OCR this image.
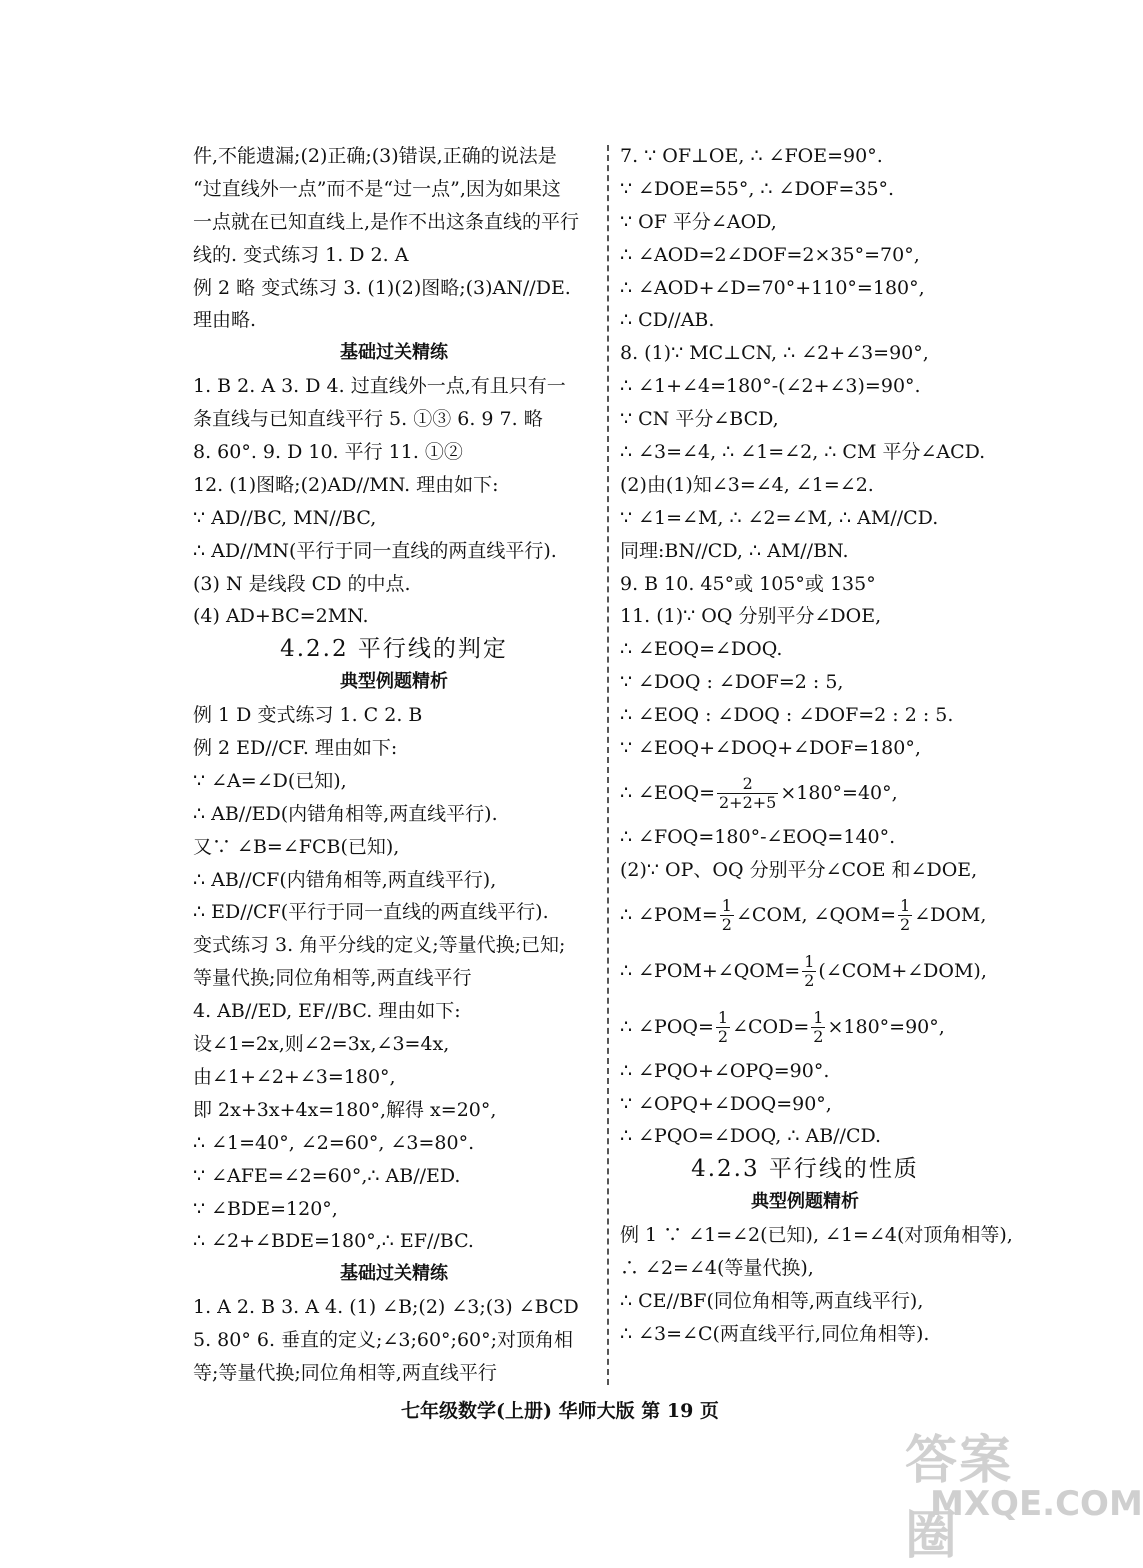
件,不能遗漏;(2)正确;(3)错误,正确的说法是
“过直线外一点”而不是“过一点”,因为如果这
一点就在已知直线上,是作不出这条直线的平行
线的. 变式练习 1. D 2. A
例 2 略 变式练习 3. (1)(2)图略;(3)AN//DE.
理由略.
基础过关精练
1. B 2. A 3. D 4. 过直线外一点,有且只有一
条直线与已知直线平行 5. ①③ 6. 9 7. 略
8. 60°. 9. D 10. 平行 11. ①②
12. (1)图略;(2)AD//MN. 理由如下:
∵ AD//BC, MN//BC,
∴ AD//MN(平行于同一直线的两直线平行).
(3) N 是线段 CD 的中点.
(4) AD+BC=2MN.
4.2.2 平行线的判定
典型例题精析
例 1 D 变式练习 1. C 2. B
例 2 ED//CF. 理由如下:
∵ ∠A=∠D(已知),
∴ AB//ED(内错角相等,两直线平行).
又∵ ∠B=∠FCB(已知),
∴ AB//CF(内错角相等,两直线平行),
∴ ED//CF(平行于同一直线的两直线平行).
变式练习 3. 角平分线的定义;等量代换;已知;
等量代换;同位角相等,两直线平行
4. AB//ED, EF//BC. 理由如下:
设∠1=2x,则∠2=3x,∠3=4x,
由∠1+∠2+∠3=180°,
即 2x+3x+4x=180°,解得 x=20°,
∴ ∠1=40°, ∠2=60°, ∠3=80°.
∵ ∠AFE=∠2=60°,∴ AB//ED.
∵ ∠BDE=120°,
∴ ∠2+∠BDE=180°,∴ EF//BC.
基础过关精练
1. A 2. B 3. A 4. (1) ∠B;(2) ∠3;(3) ∠BCD
5. 80° 6. 垂直的定义;∠3;60°;60°;对顶角相
等;等量代换;同位角相等,两直线平行
7. ∵ OF⊥OE, ∴ ∠FOE=90°.
∵ ∠DOE=55°, ∴ ∠DOF=35°.
∵ OF 平分∠AOD,
∴ ∠AOD=2∠DOF=2×35°=70°,
∴ ∠AOD+∠D=70°+110°=180°,
∴ CD//AB.
8. (1)∵ MC⊥CN, ∴ ∠2+∠3=90°,
∴ ∠1+∠4=180°-(∠2+∠3)=90°.
∵ CN 平分∠BCD,
∴ ∠3=∠4, ∴ ∠1=∠2, ∴ CM 平分∠ACD.
(2)由(1)知∠3=∠4, ∠1=∠2.
∵ ∠1=∠M, ∴ ∠2=∠M, ∴ AM//CD.
同理:BN//CD, ∴ AM//BN.
9. B 10. 45°或 105°或 135°
11. (1)∵ OQ 分别平分∠DOE,
∴ ∠EOQ=∠DOQ.
∵ ∠DOQ : ∠DOF=2 : 5,
∴ ∠EOQ : ∠DOQ : ∠DOF=2 : 2 : 5.
∵ ∠EOQ+∠DOQ+∠DOF=180°,
∴ ∠EOQ= $\frac{2}{2+2+5} \times 180^\circ=40^\circ$,
∴ ∠FOQ=180°-∠EOQ=140°.
(2)∵ OP、OQ 分别平分∠COE 和∠DOE,
∴ ∠POM= $\frac{1}{2}$ ∠COM, ∠QOM= $\frac{1}{2}$ ∠DOM,
∴ ∠POM+∠QOM= $\frac{1}{2}$ (∠COM+∠DOM),
∴ ∠POQ= $\frac{1}{2}$ ∠COD= $\frac{1}{2} \times 180^\circ=90^\circ$,
∴ ∠PQO+∠OPQ=90°.
∵ ∠OPQ+∠DOQ=90°,
∴ ∠PQO=∠DOQ, ∴ AB//CD.
4.2.3 平行线的性质
典型例题精析
例 1 ∵ ∠1=∠2(已知), ∠1=∠4(对顶角相等),
∴ ∠2=∠4(等量代换),
∴ CE//BF(同位角相等,两直线平行),
∴ ∠3=∠C(两直线平行,同位角相等).
七年级数学(上册) 华师大版 第 19 页
答案圈
MXQE.COM
